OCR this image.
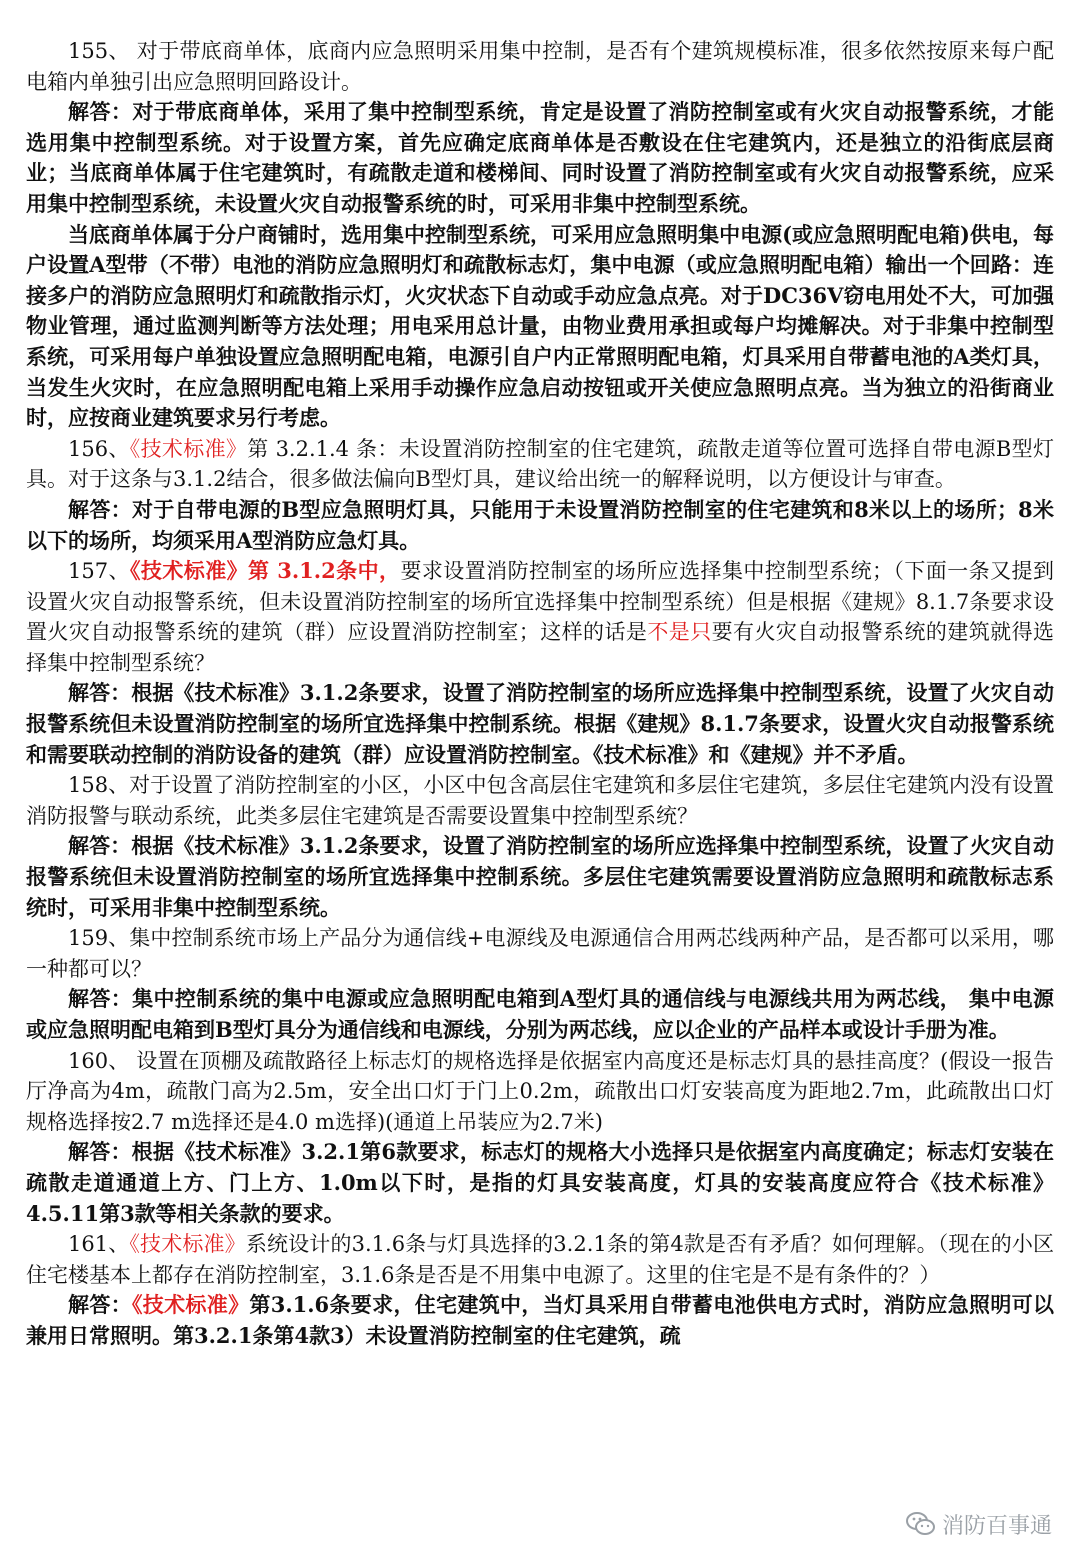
155、 对于带底商单体，底商内应急照明采用集中控制，是否有个建筑规模标准，很多依然按原来每户配电箱内单独引出应急照明回路设计。

解答：对于带底商单体，采用了集中控制型系统，肯定是设置了消防控制室或有火灾自动报警系统，才能选用集中控制型系统。对于设置方案，首先应确定底商单体是否敷设在住宅建筑内，还是独立的沿街底层商业；当底商单体属于住宅建筑时，有疏散走道和楼梯间、同时设置了消防控制室或有火灾自动报警系统，应采用集中控制型系统，未设置火灾自动报警系统的时，可采用非集中控制型系统。

当底商单体属于分户商铺时，选用集中控制型系统，可采用应急照明集中电源(或应急照明配电箱)供电，每户设置A型带（不带）电池的消防应急照明灯和疏散标志灯，集中电源（或应急照明配电箱）输出一个回路：连接多户的消防应急照明灯和疏散指示灯，火灾状态下自动或手动应急点亮。对于DC36V窃电用处不大，可加强物业管理，通过监测判断等方法处理；用电采用总计量，由物业费用承担或每户均摊解决。对于非集中控制型系统，可采用每户单独设置应急照明配电箱，电源引自户内正常照明配电箱，灯具采用自带蓄电池的A类灯具，当发生火灾时，在应急照明配电箱上采用手动操作应急启动按钮或开关使应急照明点亮。当为独立的沿街商业时，应按商业建筑要求另行考虑。

156、《技术标准》第 3.2.1.4 条：未设置消防控制室的住宅建筑，疏散走道等位置可选择自带电源B型灯具。对于这条与3.1.2结合，很多做法偏向B型灯具，建议给出统一的解释说明，以方便设计与审查。

解答：对于自带电源的B型应急照明灯具，只能用于未设置消防控制室的住宅建筑和8米以上的场所；8米以下的场所，均须采用A型消防应急灯具。

157、《技术标准》第 3.1.2条中，要求设置消防控制室的场所应选择集中控制型系统；（下面一条又提到设置火灾自动报警系统，但未设置消防控制室的场所宜选择集中控制型系统）但是根据《建规》8.1.7条要求设置火灾自动报警系统的建筑（群）应设置消防控制室；这样的话是不是只要有火灾自动报警系统的建筑就得选择集中控制型系统？

解答：根据《技术标准》3.1.2条要求，设置了消防控制室的场所应选择集中控制型系统，设置了火灾自动报警系统但未设置消防控制室的场所宜选择集中控制系统。根据《建规》8.1.7条要求，设置火灾自动报警系统和需要联动控制的消防设备的建筑（群）应设置消防控制室。《技术标准》和《建规》并不矛盾。

158、对于设置了消防控制室的小区，小区中包含高层住宅建筑和多层住宅建筑，多层住宅建筑内没有设置消防报警与联动系统，此类多层住宅建筑是否需要设置集中控制型系统？

解答：根据《技术标准》3.1.2条要求，设置了消防控制室的场所应选择集中控制型系统，设置了火灾自动报警系统但未设置消防控制室的场所宜选择集中控制系统。多层住宅建筑需要设置消防应急照明和疏散标志系统时，可采用非集中控制型系统。

159、集中控制系统市场上产品分为通信线+电源线及电源通信合用两芯线两种产品，是否都可以采用，哪一种都可以？

解答：集中控制系统的集中电源或应急照明配电箱到A型灯具的通信线与电源线共用为两芯线， 集中电源或应急照明配电箱到B型灯具分为通信线和电源线，分别为两芯线，应以企业的产品样本或设计手册为准。

160、 设置在顶棚及疏散路径上标志灯的规格选择是依据室内高度还是标志灯具的悬挂高度？(假设一报告厅净高为4m，疏散门高为2.5m，安全出口灯于门上0.2m，疏散出口灯安装高度为距地2.7m，此疏散出口灯规格选择按2.7 m选择还是4.0 m选择)(通道上吊装应为2.7米)

解答：根据《技术标准》3.2.1第6款要求，标志灯的规格大小选择只是依据室内高度确定；标志灯安装在疏散走道通道上方、门上方、1.0m以下时，是指的灯具安装高度，灯具的安装高度应符合《技术标准》4.5.11第3款等相关条款的要求。

161、《技术标准》系统设计的3.1.6条与灯具选择的3.2.1条的第4款是否有矛盾？如何理解。（现在的小区住宅楼基本上都存在消防控制室，3.1.6条是否是不用集中电源了。这里的住宅是不是有条件的？）

解答：《技术标准》第3.1.6条要求，住宅建筑中，当灯具采用自带蓄电池供电方式时，消防应急照明可以兼用日常照明。第3.2.1条第4款3）未设置消防控制室的住宅建筑，疏

消防百事通
